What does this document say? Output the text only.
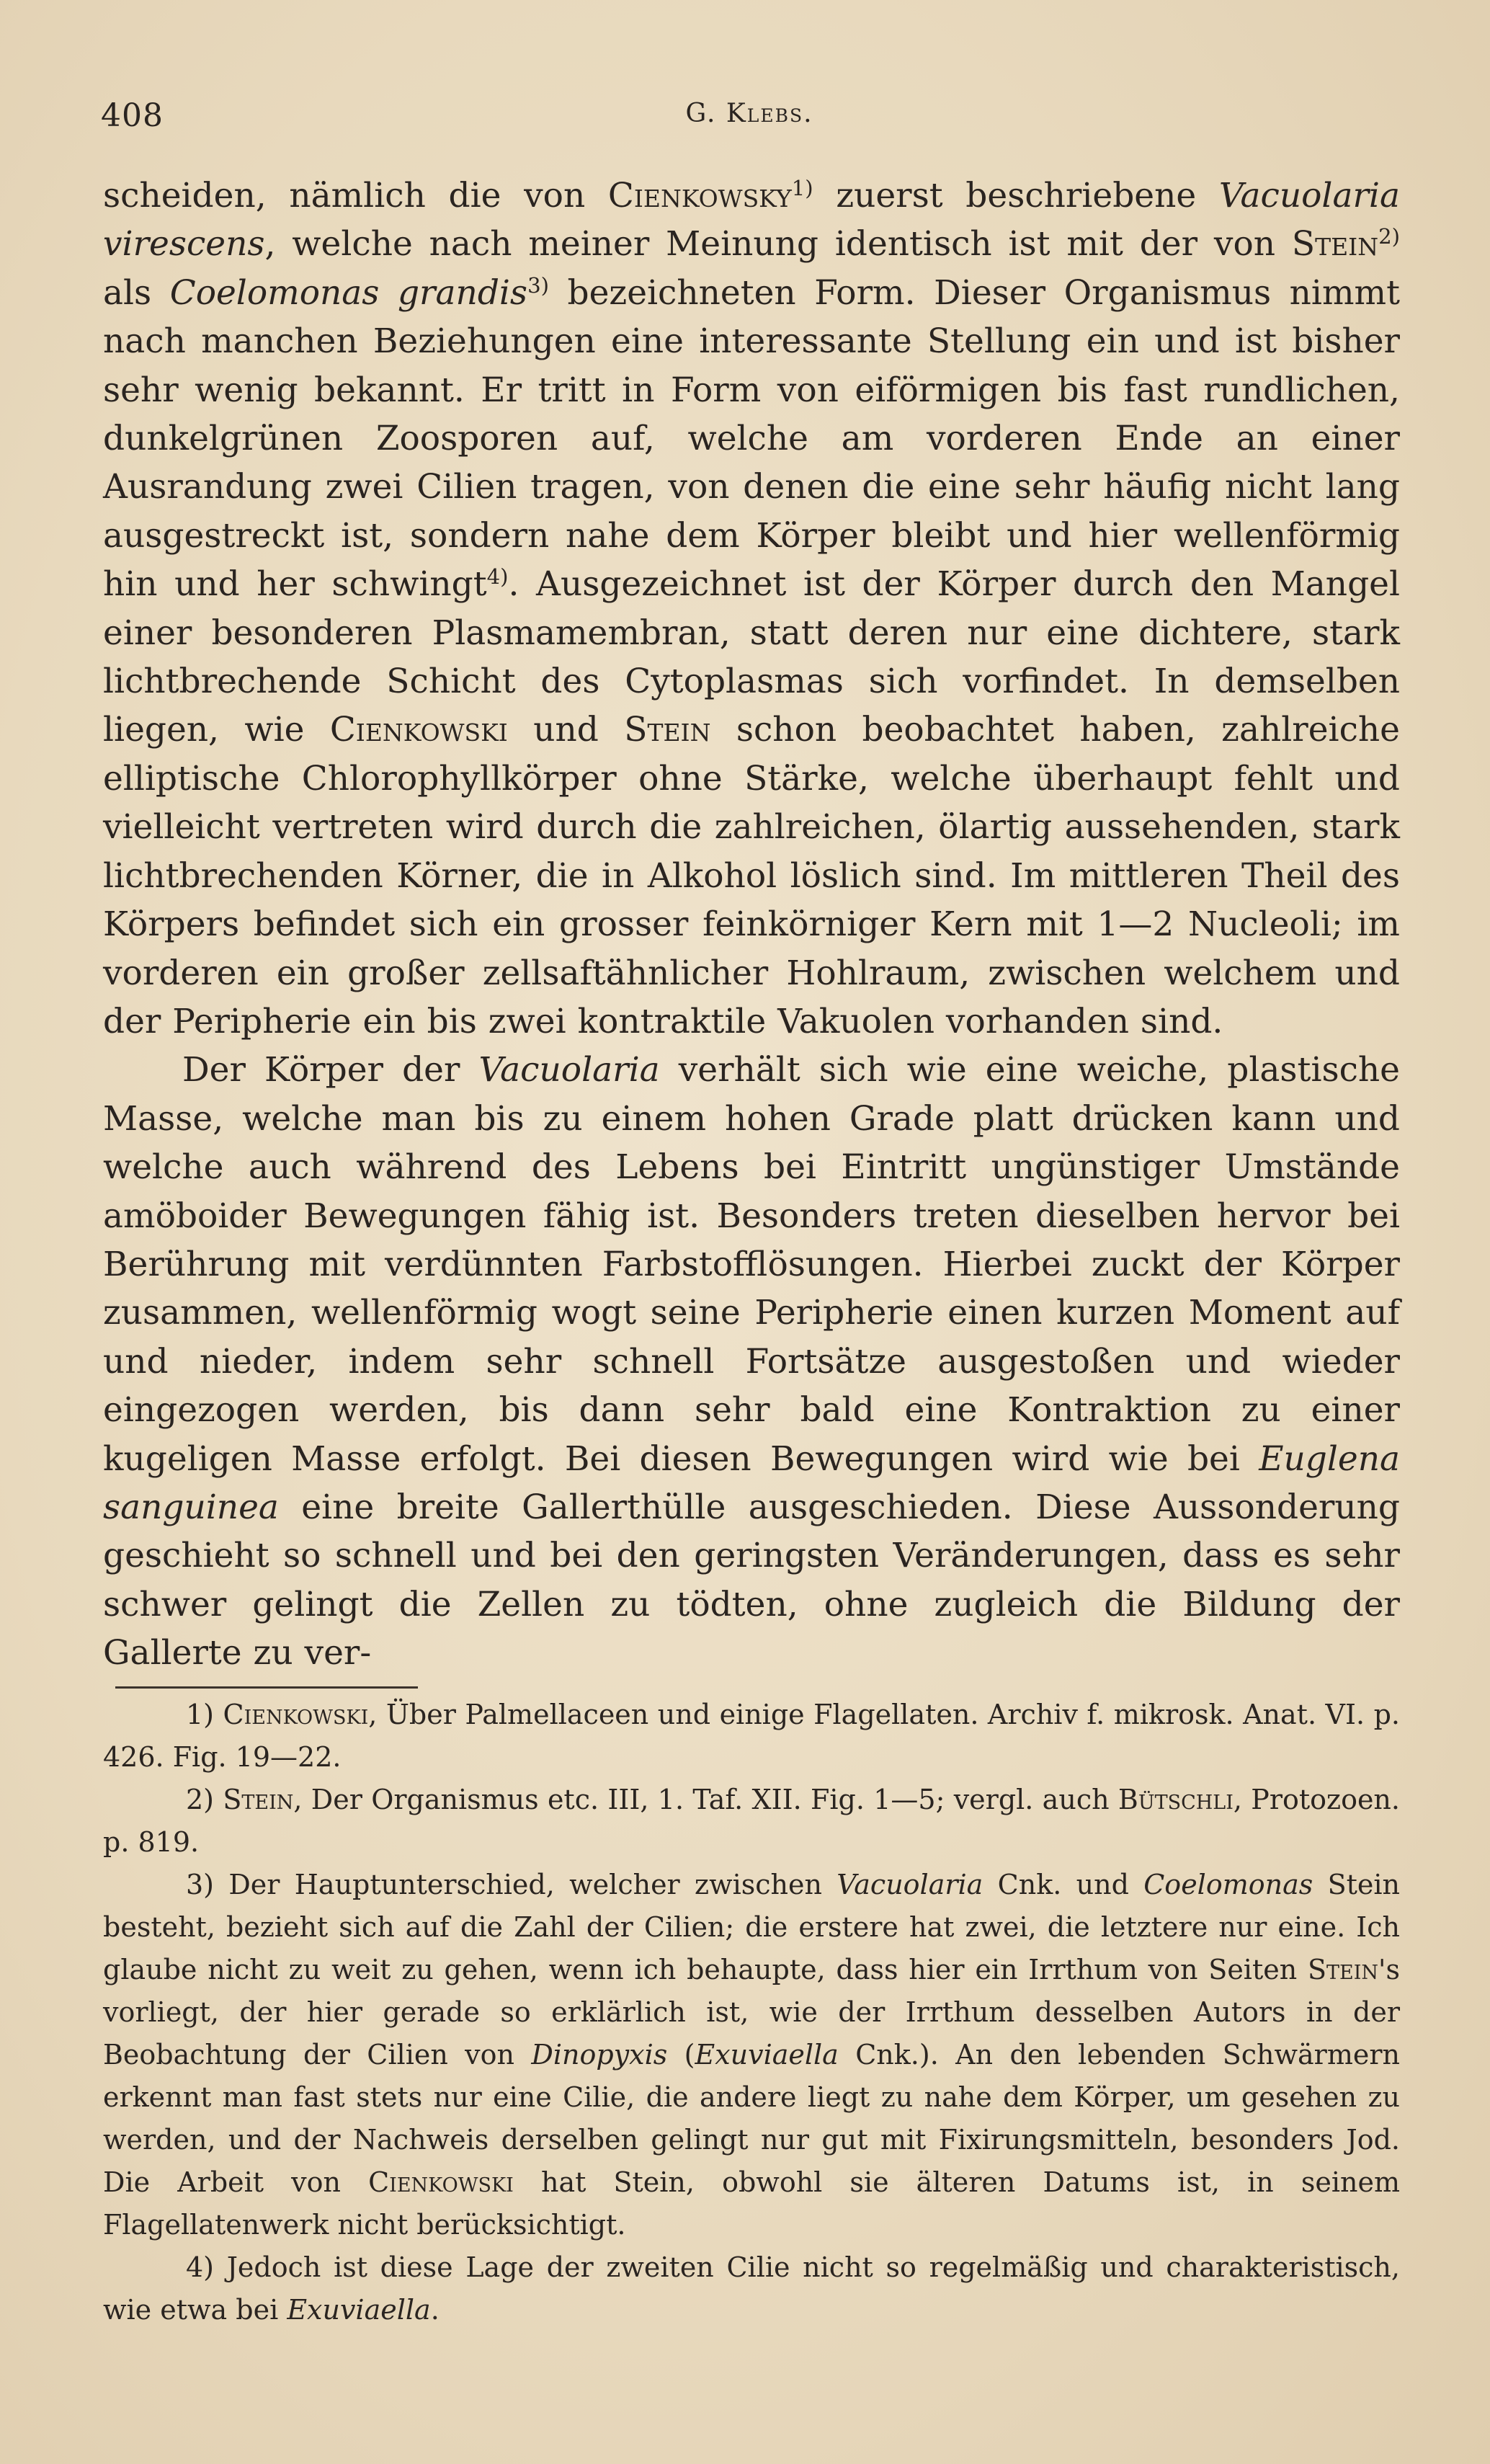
408	G. Klebs.

scheiden, nämlich die von Cienkowsky$^{1)}$ zuerst beschriebene Vacuolaria virescens, welche nach meiner Meinung identisch ist mit der von Stein$^{2)}$ als Coelomonas grandis$^{3)}$ bezeichneten Form. Dieser Organismus nimmt nach manchen Beziehungen eine interessante Stellung ein und ist bisher sehr wenig bekannt. Er tritt in Form von eiförmigen bis fast rundlichen, dunkelgrünen Zoosporen auf, welche am vorderen Ende an einer Ausrandung zwei Cilien tragen, von denen die eine sehr häufig nicht lang ausgestreckt ist, sondern nahe dem Körper bleibt und hier wellenförmig hin und her schwingt$^{4)}$. Ausgezeichnet ist der Körper durch den Mangel einer besonderen Plasmamembran, statt deren nur eine dichtere, stark lichtbrechende Schicht des Cytoplasmas sich vorfindet. In demselben liegen, wie Cienkowski und Stein schon beobachtet haben, zahlreiche elliptische Chlorophyllkörper ohne Stärke, welche überhaupt fehlt und vielleicht vertreten wird durch die zahlreichen, ölartig aussehenden, stark lichtbrechenden Körner, die in Alkohol löslich sind. Im mittleren Theil des Körpers befindet sich ein grosser feinkörniger Kern mit 1—2 Nucleoli; im vorderen ein großer zellsaftähnlicher Hohlraum, zwischen welchem und der Peripherie ein bis zwei kontraktile Vakuolen vorhanden sind.

Der Körper der Vacuolaria verhält sich wie eine weiche, plastische Masse, welche man bis zu einem hohen Grade platt drücken kann und welche auch während des Lebens bei Eintritt ungünstiger Umstände amöboider Bewegungen fähig ist. Besonders treten dieselben hervor bei Berührung mit verdünnten Farbstofflösungen. Hierbei zuckt der Körper zusammen, wellenförmig wogt seine Peripherie einen kurzen Moment auf und nieder, indem sehr schnell Fortsätze ausgestoßen und wieder eingezogen werden, bis dann sehr bald eine Kontraktion zu einer kugeligen Masse erfolgt. Bei diesen Bewegungen wird wie bei Euglena sanguinea eine breite Gallerthülle ausgeschieden. Diese Aussonderung geschieht so schnell und bei den geringsten Veränderungen, dass es sehr schwer gelingt die Zellen zu tödten, ohne zugleich die Bildung der Gallerte zu ver-

1) Cienkowski, Über Palmellaceen und einige Flagellaten. Archiv f. mikrosk. Anat. VI. p. 426. Fig. 19—22.

2) Stein, Der Organismus etc. III, 1. Taf. XII. Fig. 1—5; vergl. auch Bütschli, Protozoen. p. 819.

3) Der Hauptunterschied, welcher zwischen Vacuolaria Cnk. und Coelomonas Stein besteht, bezieht sich auf die Zahl der Cilien; die erstere hat zwei, die letztere nur eine. Ich glaube nicht zu weit zu gehen, wenn ich behaupte, dass hier ein Irrthum von Seiten Stein's vorliegt, der hier gerade so erklärlich ist, wie der Irrthum desselben Autors in der Beobachtung der Cilien von Dinopyxis (Exuviaella Cnk.). An den lebenden Schwärmern erkennt man fast stets nur eine Cilie, die andere liegt zu nahe dem Körper, um gesehen zu werden, und der Nachweis derselben gelingt nur gut mit Fixirungsmitteln, besonders Jod. Die Arbeit von Cienkowski hat Stein, obwohl sie älteren Datums ist, in seinem Flagellatenwerk nicht berücksichtigt.

4) Jedoch ist diese Lage der zweiten Cilie nicht so regelmäßig und charakteristisch, wie etwa bei Exuviaella.
